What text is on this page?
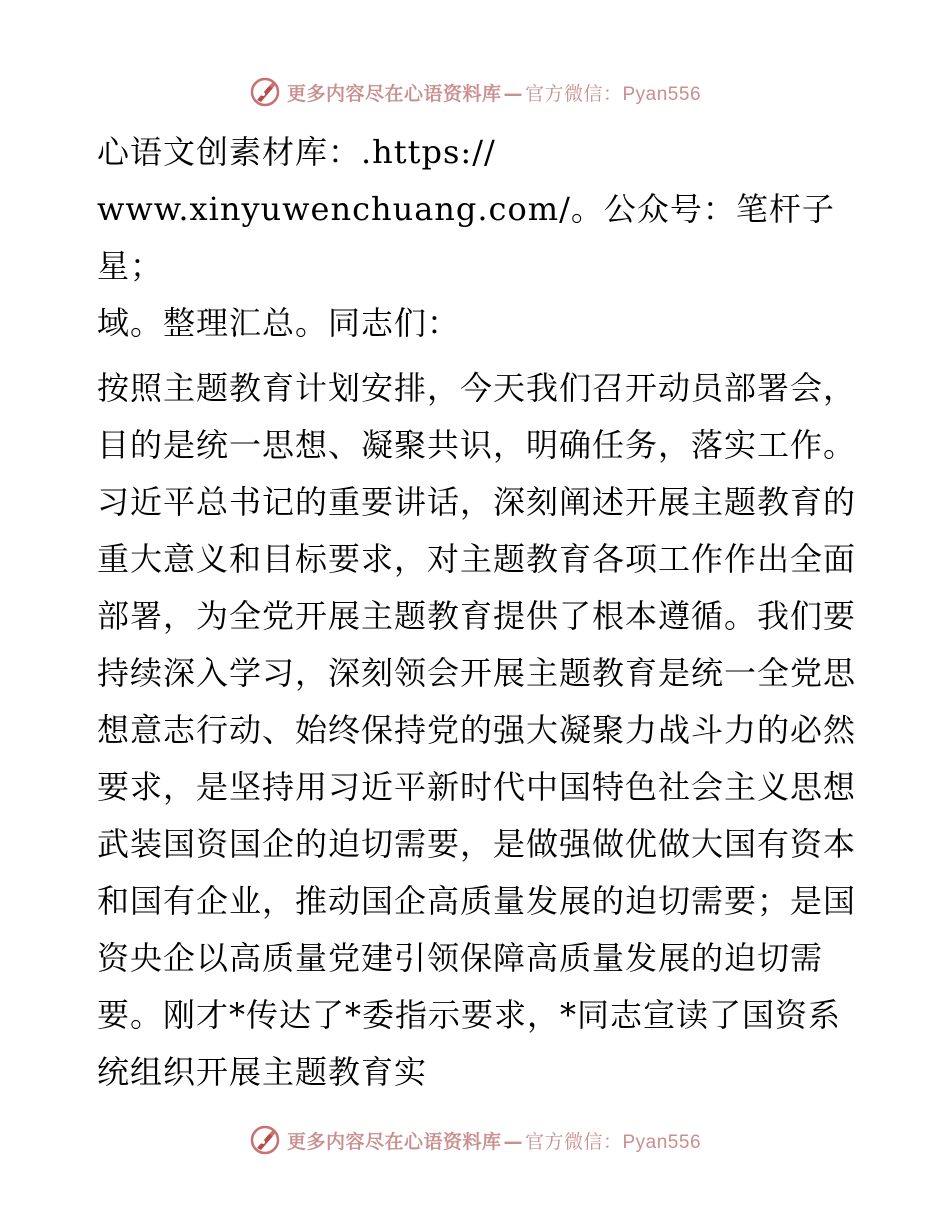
更多内容尽在心语资料库 — 官方微信：Pyan556
心语文创素材库：.https://
www.xinyuwenchuang.com/。公众号：笔杆子星；
域。整理汇总。同志们：

按照主题教育计划安排，今天我们召开动员部署会，目的是统一思想、凝聚共识，明确任务，落实工作。习近平总书记的重要讲话，深刻阐述开展主题教育的重大意义和目标要求，对主题教育各项工作作出全面部署，为全党开展主题教育提供了根本遵循。我们要持续深入学习，深刻领会开展主题教育是统一全党思想意志行动、始终保持党的强大凝聚力战斗力的必然要求，是坚持用习近平新时代中国特色社会主义思想武装国资国企的迫切需要，是做强做优做大国有资本和国有企业，推动国企高质量发展的迫切需要；是国资央企以高质量党建引领保障高质量发展的迫切需要。刚才*传达了*委指示要求，*同志宣读了国资系统组织开展主题教育实

更多内容尽在心语资料库 — 官方微信：Pyan556
